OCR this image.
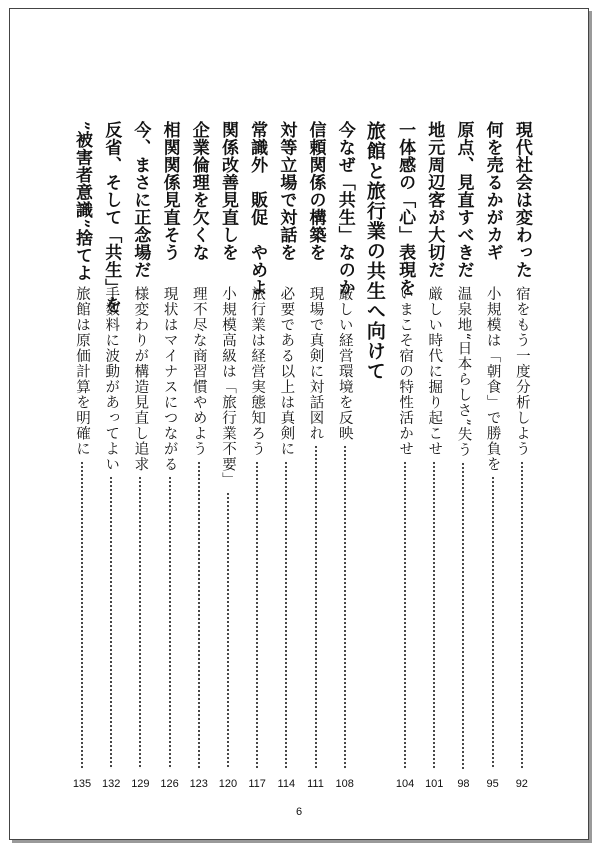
現代社会は変わった
宿をもう一度分析しよう
92
何を売るかがカギ
小規模は「朝食」で勝負を
95
原点、見直すべきだ
温泉地“日本らしさ”失う
98
地元周辺客が大切だ
厳しい時代に掘り起こせ
101
一体感の「心」表現を
いまこそ宿の特性活かせ
104
旅館と旅行業の共生へ向けて
今なぜ「共生」なのか
厳しい経営環境を反映
108
信頼関係の構築を
現場で真剣に対話図れ
111
対等立場で対話を
必要である以上は真剣に
114
常識外　販促　やめよ
旅行業は経営実態知ろう
117
関係改善見直しを
小規模高級は「旅行業不要」
120
企業倫理を欠くな
理不尽な商習慣やめよう
123
相関関係見直そう
現状はマイナスにつながる
126
今、まさに正念場だ
様変わりが構造見直し追求
129
反省、そして「共生」を
手数料に波動があってよい
132
”被害者意識”捨てよ
旅館は原価計算を明確に
135
6
